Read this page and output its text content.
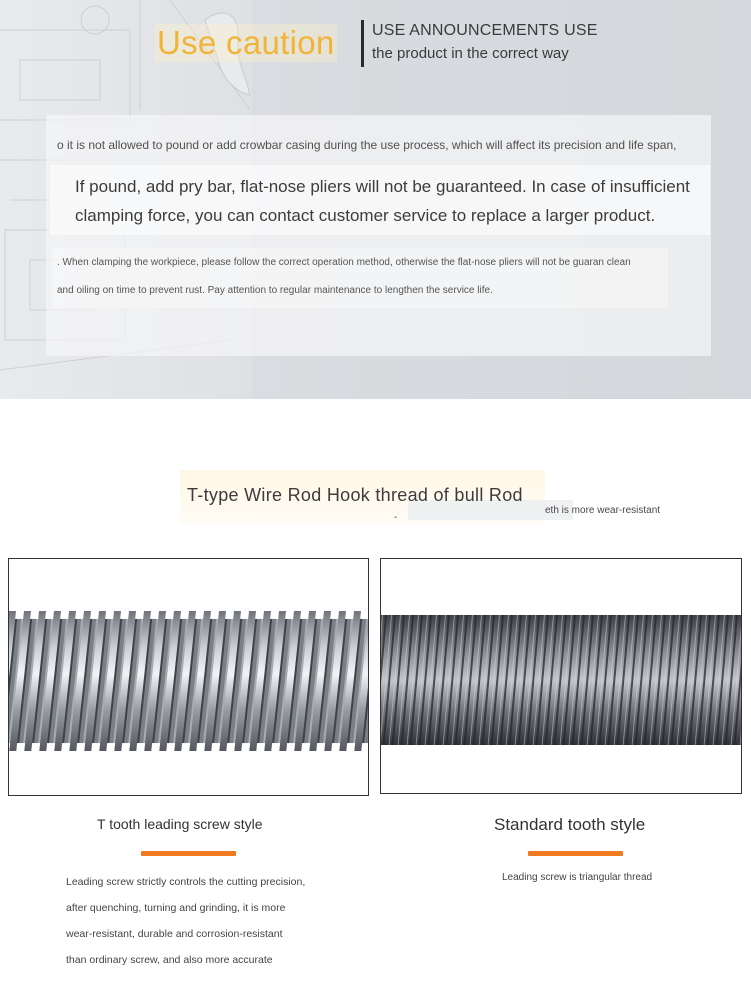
Use caution USE ANNOUNCEMENTS USE
the product in the correct way
o it is not allowed to pound or add crowbar casing during the use process, which will affect its precision and life span,
If pound, add pry bar, flat-nose pliers will not be guaranteed. In case of insufficient
clamping force, you can contact customer service to replace a larger product.
. When clamping the workpiece, please follow the correct operation method, otherwise the flat-nose pliers will not be guaran clean
and oiling on time to prevent rust. Pay attention to regular maintenance to lengthen the service life.
T-type Wire Rod Hook thread of bull Rod
-
eth is more wear-resistant
T tooth leading screw style	Standard tooth style
Leading screw strictly controls the cutting precision,
after quenching, turning and grinding, it is more
wear-resistant, durable and corrosion-resistant
than ordinary screw, and also more accurate
Leading screw is triangular thread
